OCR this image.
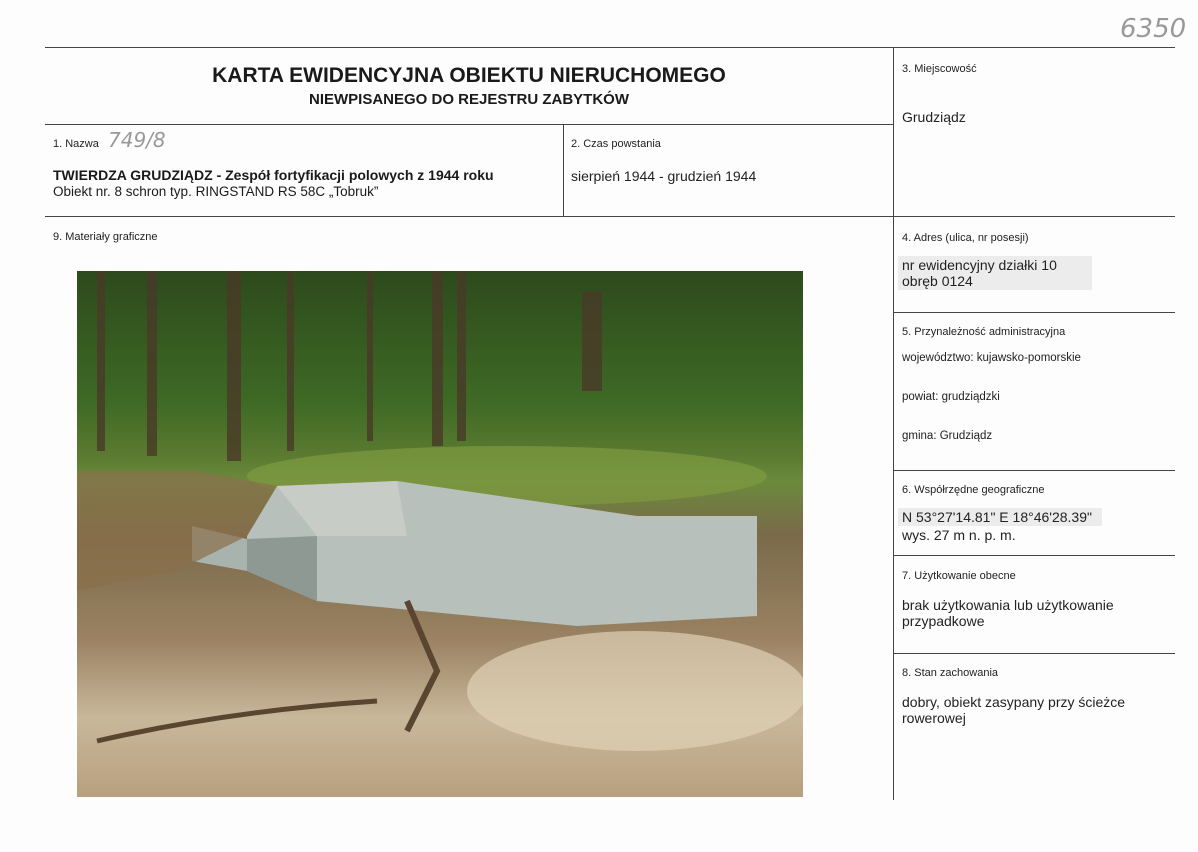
6350
KARTA EWIDENCYJNA OBIEKTU NIERUCHOMEGO
NIEWPISANEGO DO REJESTRU ZABYTKÓW
1. Nazwa 749/8
TWIERDZA GRUDZIĄDZ - Zespół fortyfikacji polowych z 1944 roku
Obiekt nr. 8 schron typ. RINGSTAND RS 58C „Tobruk”
2. Czas powstania
sierpień 1944 - grudzień 1944
3. Miejscowość
Grudziądz
4. Adres (ulica, nr posesji)
nr ewidencyjny działki 10
obręb 0124
5. Przynależność administracyjna
województwo: kujawsko-pomorskie
powiat: grudziądzki
gmina: Grudziądz
6. Współrzędne geograficzne
N 53°27'14.81" E 18°46'28.39"
wys. 27 m n. p. m.
7. Użytkowanie obecne
brak użytkowania lub użytkowanie
przypadkowe
8. Stan zachowania
dobry, obiekt zasypany przy ścieżce
rowerowej
9. Materiały graficzne
